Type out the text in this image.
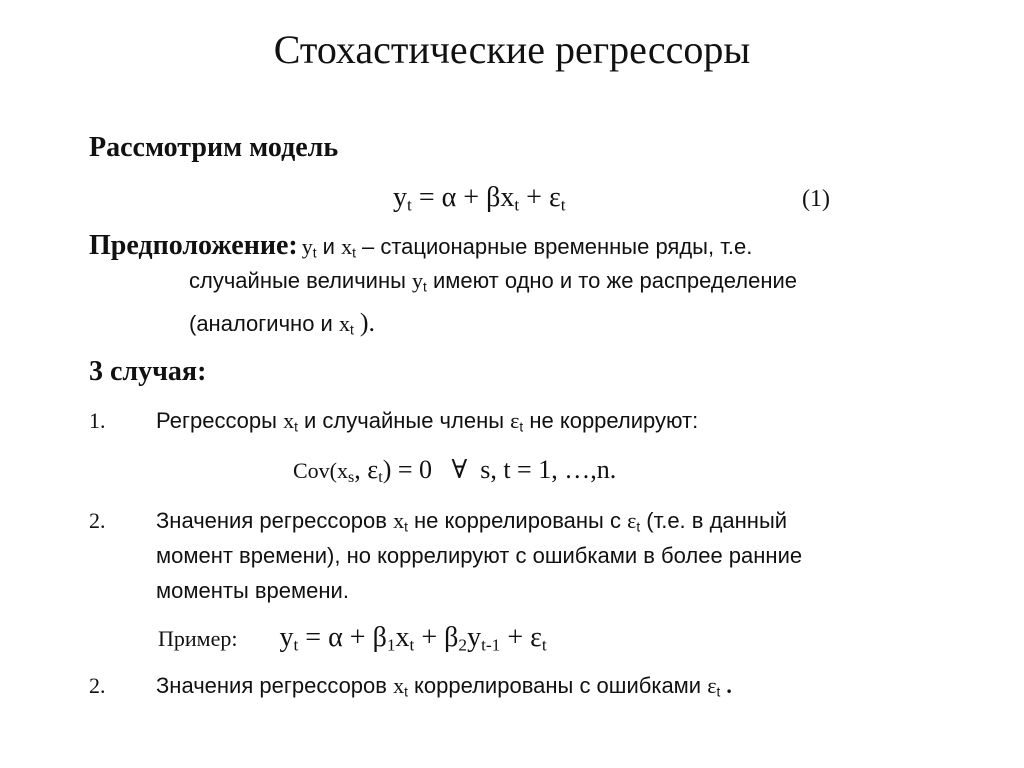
Стохастические регрессоры
Рассмотрим модель
$y_t = \alpha + \beta x_t + \varepsilon_t$	(1)
Предположение: $y_t$ и $x_t$ – стационарные временные ряды, т.е.
случайные величины $y_t$ имеют одно и то же распределение
(аналогично и $x_t$ ).
3 случая:
1. Регрессоры $x_t$ и случайные члены $\varepsilon_t$ не коррелируют:
$Cov(x_s$, $\varepsilon_t) = 0$ ∀ s, t = 1, …,n.
2. Значения регрессоров $x_t$ не коррелированы с $\varepsilon_t$ (т.е. в данный
момент времени), но коррелируют с ошибками в более ранние
моменты времени.
Пример: $y_t = \alpha + \beta_1x_t + \beta_2y_{t-1} + \varepsilon_t$
2. Значения регрессоров $x_t$ коррелированы с ошибками $\varepsilon_t$ .
